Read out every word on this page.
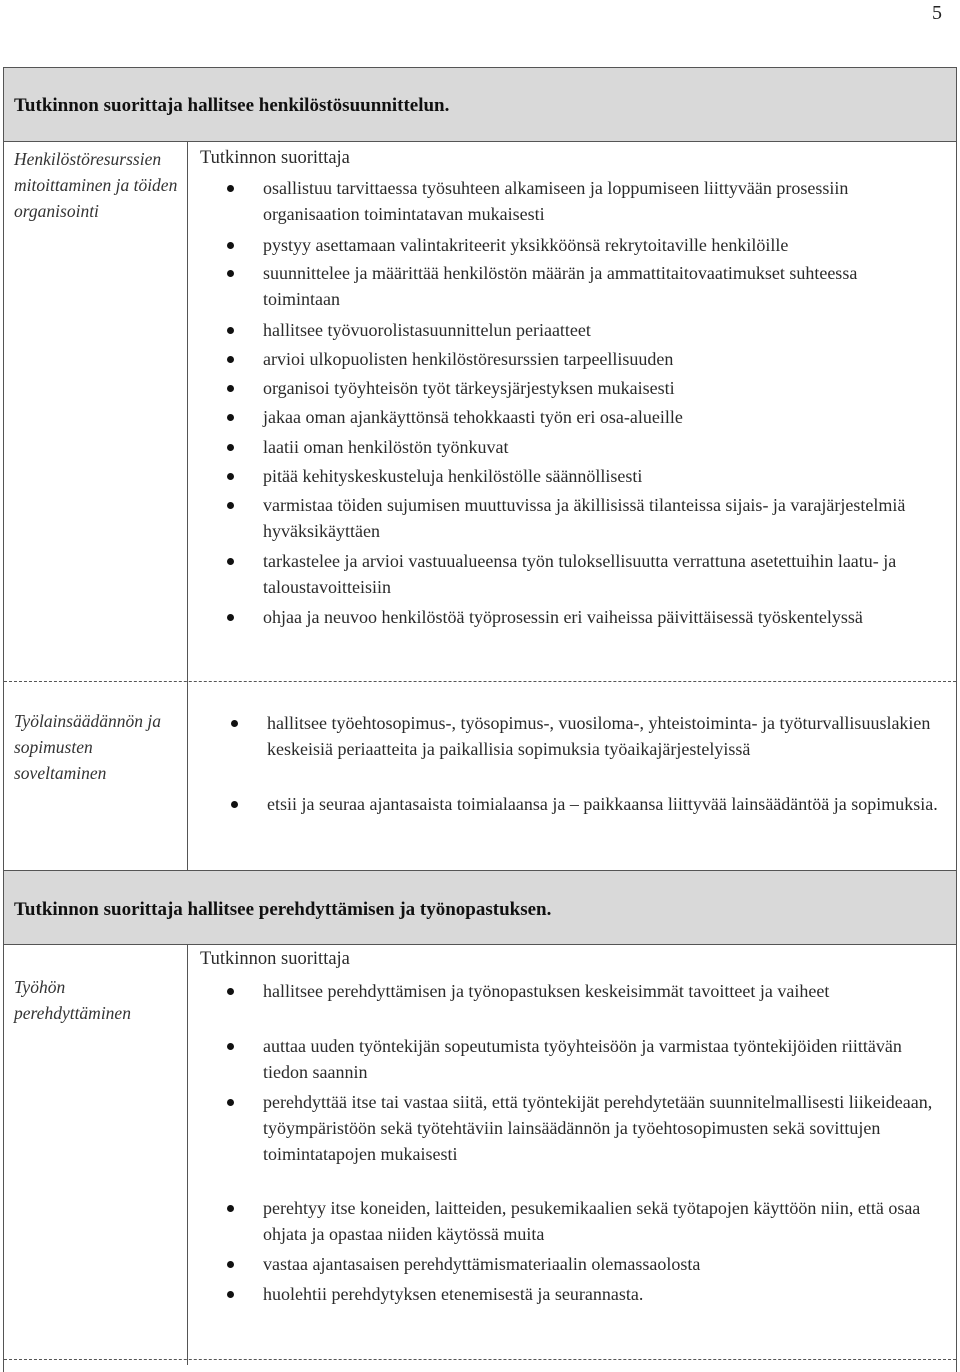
5
Tutkinnon suorittaja hallitsee henkilöstösuunnittelun.
Henkilöstöresurssien mitoittaminen ja töiden organisointi
Tutkinnon suorittaja
osallistuu tarvittaessa työsuhteen alkamiseen ja loppumiseen liittyvään prosessiin organisaation toimintatavan mukaisesti
pystyy asettamaan valintakriteerit yksikköönsä rekrytoitaville henkilöille
suunnittelee ja määrittää henkilöstön määrän ja ammattitaitovaatimukset suhteessa toimintaan
hallitsee työvuorolistasuunnittelun periaatteet
arvioi ulkopuolisten henkilöstöresurssien tarpeellisuuden
organisoi työyhteisön työt tärkeysjärjestyksen mukaisesti
jakaa oman ajankäyttönsä tehokkaasti työn eri osa-alueille
laatii oman henkilöstön työnkuvat
pitää kehityskeskusteluja henkilöstölle säännöllisesti
varmistaa töiden sujumisen muuttuvissa ja äkillisissä tilanteissa sijais- ja varajärjestelmiä hyväksikäyttäen
tarkastelee ja arvioi vastuualueensa työn tuloksellisuutta verrattuna asetettuihin laatu- ja taloustavoitteisiin
ohjaa ja neuvoo henkilöstöä työprosessin eri vaiheissa päivittäisessä työskentelyssä
Työlainsäädännön ja sopimusten soveltaminen
hallitsee työehtosopimus-, työsopimus-, vuosiloma-, yhteistoiminta- ja työturvallisuuslakien keskeisiä periaatteita ja paikallisia sopimuksia työaikajärjestelyissä
etsii ja seuraa ajantasaista toimialaansa ja – paikkaansa liittyvää lainsäädäntöä ja sopimuksia.
Tutkinnon suorittaja hallitsee perehdyttämisen ja työnopastuksen.
Työhön perehdyttäminen
Tutkinnon suorittaja
hallitsee perehdyttämisen ja työnopastuksen keskeisimmät tavoitteet ja vaiheet
auttaa uuden työntekijän sopeutumista työyhteisöön ja varmistaa työntekijöiden riittävän tiedon saannin
perehdyttää itse tai vastaa siitä, että työntekijät perehdytetään suunnitelmallisesti liikeideaan, työympäristöön sekä työtehtäviin lainsäädännön ja työehtosopimusten sekä sovittujen toimintatapojen mukaisesti
perehtyy itse koneiden, laitteiden, pesukemikaalien sekä työtapojen käyttöön niin, että osaa ohjata ja opastaa niiden käytössä muita
vastaa ajantasaisen perehdyttämismateriaalin olemassaolosta
huolehtii perehdytyksen etenemisestä ja seurannasta.
